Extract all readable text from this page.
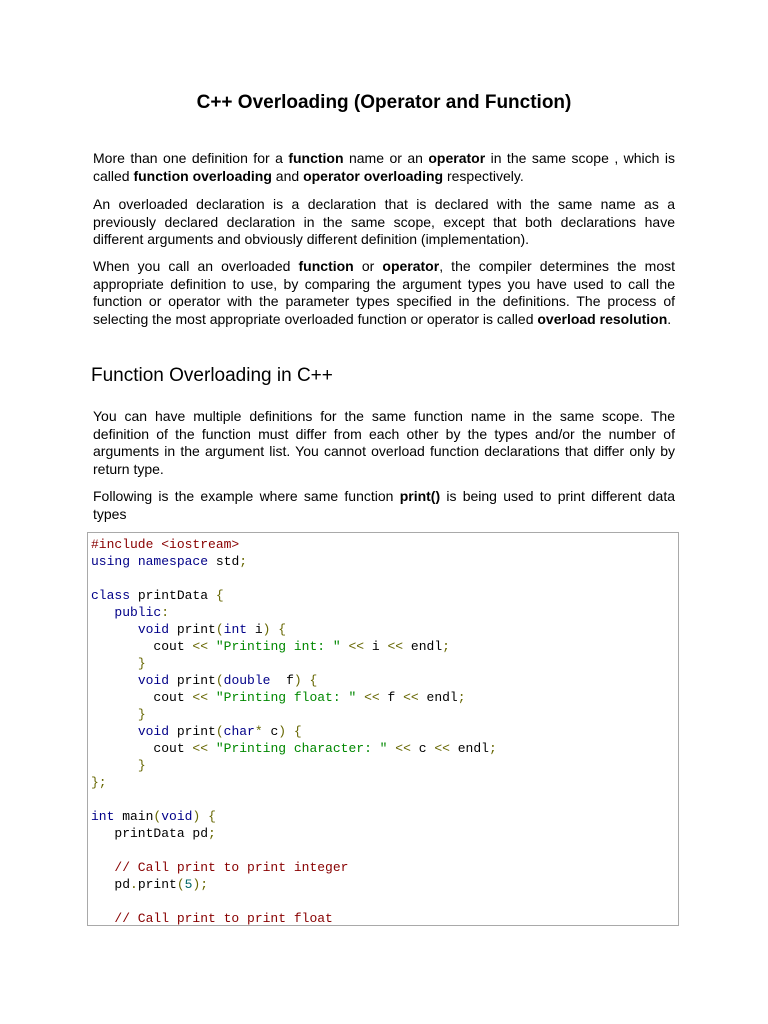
C++ Overloading (Operator and Function)

More than one definition for a function name or an operator in the same scope , which is called function overloading and operator overloading respectively.

An overloaded declaration is a declaration that is declared with the same name as a previously declared declaration in the same scope, except that both declarations have different arguments and obviously different definition (implementation).

When you call an overloaded function or operator, the compiler determines the most appropriate definition to use, by comparing the argument types you have used to call the function or operator with the parameter types specified in the definitions. The process of selecting the most appropriate overloaded function or operator is called overload resolution.

Function Overloading in C++

You can have multiple definitions for the same function name in the same scope. The definition of the function must differ from each other by the types and/or the number of arguments in the argument list. You cannot overload function declarations that differ only by return type.

Following is the example where same function print() is being used to print different data types

#include <iostream>
using namespace std;

class printData {
public:
void print(int i) {
cout << "Printing int: " << i << endl;
}
void print(double  f) {
cout << "Printing float: " << f << endl;
}
void print(char* c) {
cout << "Printing character: " << c << endl;
}
};

int main(void) {
printData pd;

// Call print to print integer
pd.print(5);

// Call print to print float
